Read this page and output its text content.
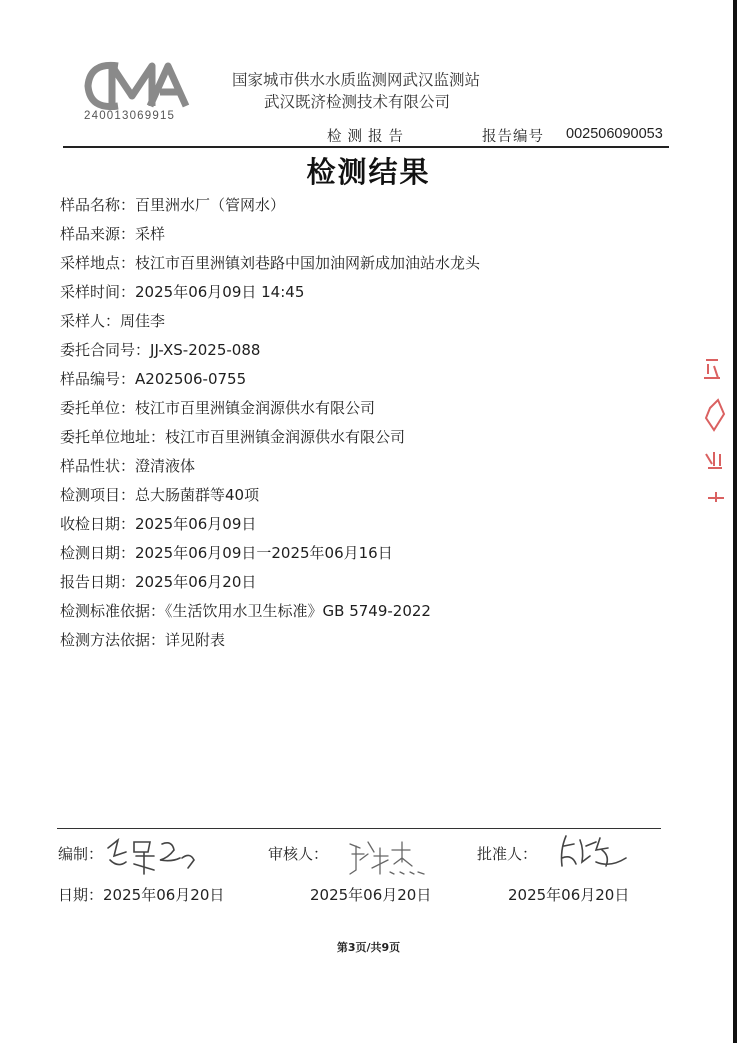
240013069915
国家城市供水水质监测网武汉监测站
武汉既济检测技术有限公司
检测报告	报告编号 002506090053
检测结果
样品名称：百里洲水厂（管网水）
样品来源：采样
采样地点：枝江市百里洲镇刘巷路中国加油网新成加油站水龙头
采样时间：2025年06月09日 14:45
采样人：周佳李
委托合同号：JJ-XS-2025-088
样品编号：A202506-0755
委托单位：枝江市百里洲镇金润源供水有限公司
委托单位地址：枝江市百里洲镇金润源供水有限公司
样品性状：澄清液体
检测项目：总大肠菌群等40项
收检日期：2025年06月09日
检测日期：2025年06月09日一2025年06月16日
报告日期：2025年06月20日
检测标准依据：《生活饮用水卫生标准》GB 5749-2022
检测方法依据：详见附表
编制：	审核人：	批准人：
日期：2025年06月20日	2025年06月20日	2025年06月20日
第3页/共9页
